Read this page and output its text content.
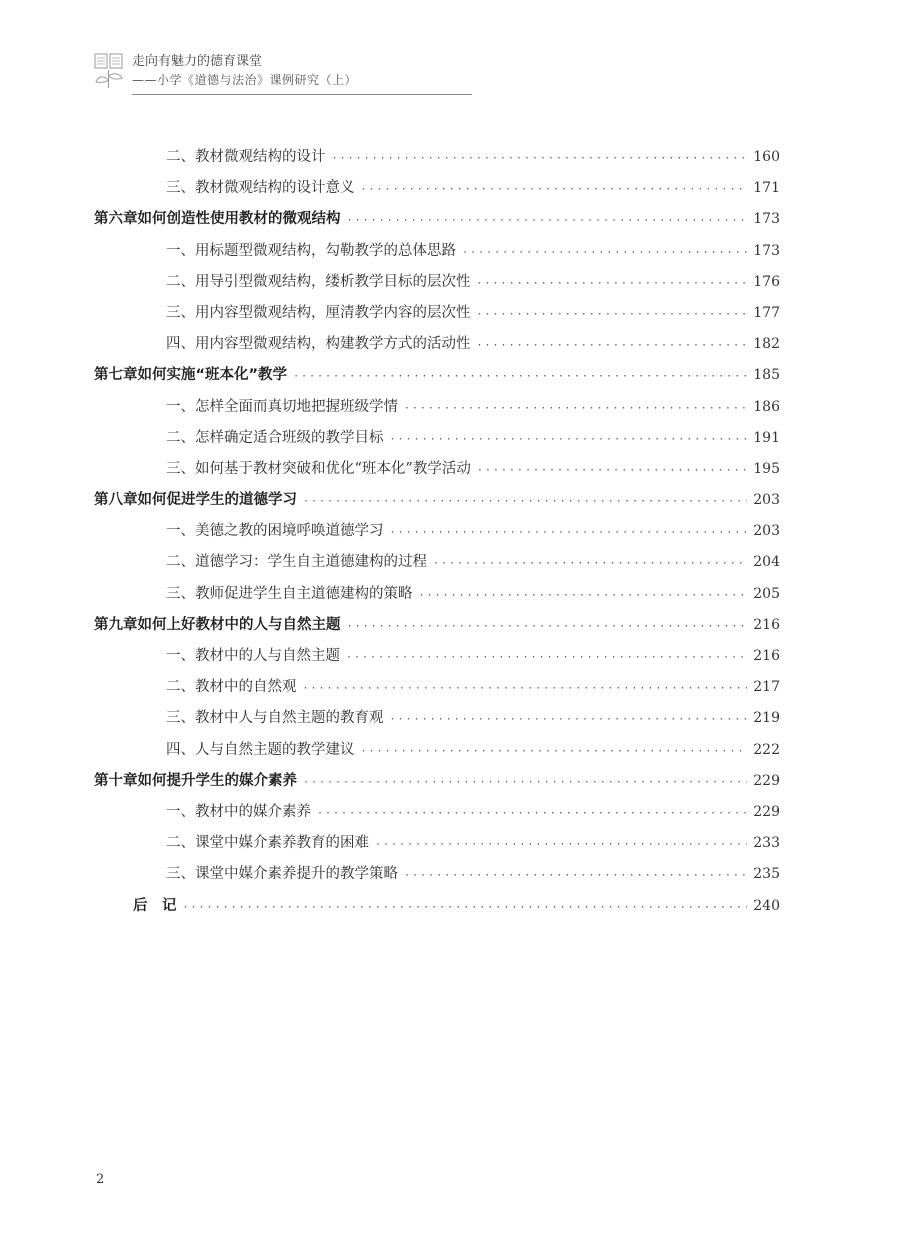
走向有魅力的德育课堂
——小学《道德与法治》课例研究（上）
二、教材微观结构的设计 ·····	160
三、教材微观结构的设计意义 ·····	171
第六章 如何创造性使用教材的微观结构 ·····	173
一、用标题型微观结构，勾勒教学的总体思路 ·····	173
二、用导引型微观结构，缕析教学目标的层次性 ·····	176
三、用内容型微观结构，厘清教学内容的层次性 ·····	177
四、用内容型微观结构，构建教学方式的活动性 ·····	182
第七章 如何实施“班本化”教学 ·····	185
一、怎样全面而真切地把握班级学情 ·····	186
二、怎样确定适合班级的教学目标 ·····	191
三、如何基于教材突破和优化“班本化”教学活动 ·····	195
第八章 如何促进学生的道德学习 ·····	203
一、美德之教的困境呼唤道德学习 ·····	203
二、道德学习：学生自主道德建构的过程 ·····	204
三、教师促进学生自主道德建构的策略 ·····	205
第九章 如何上好教材中的人与自然主题 ·····	216
一、教材中的人与自然主题 ·····	216
二、教材中的自然观 ·····	217
三、教材中人与自然主题的教育观 ·····	219
四、人与自然主题的教学建议 ·····	222
第十章 如何提升学生的媒介素养 ·····	229
一、教材中的媒介素养 ·····	229
二、课堂中媒介素养教育的困难 ·····	233
三、课堂中媒介素养提升的教学策略 ·····	235
后　记 ·····	240
2
